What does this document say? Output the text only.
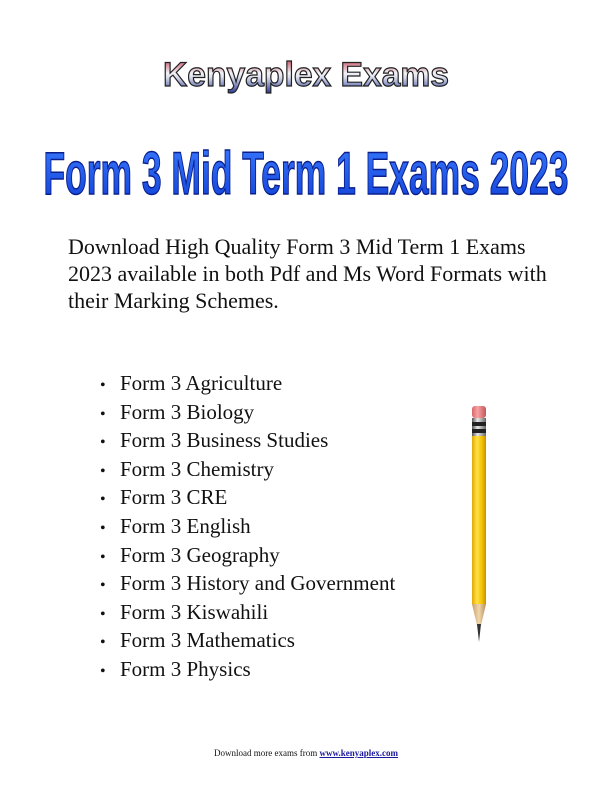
Kenyaplex Exams
Form 3 Mid Term 1 Exams 2023

Download High Quality Form 3 Mid Term 1 Exams 2023 available in both Pdf and Ms Word Formats with their Marking Schemes.

• Form 3 Agriculture
• Form 3 Biology
• Form 3 Business Studies
• Form 3 Chemistry
• Form 3 CRE
• Form 3 English
• Form 3 Geography
• Form 3 History and Government
• Form 3 Kiswahili
• Form 3 Mathematics
• Form 3 Physics
Download more exams from www.kenyaplex.com
